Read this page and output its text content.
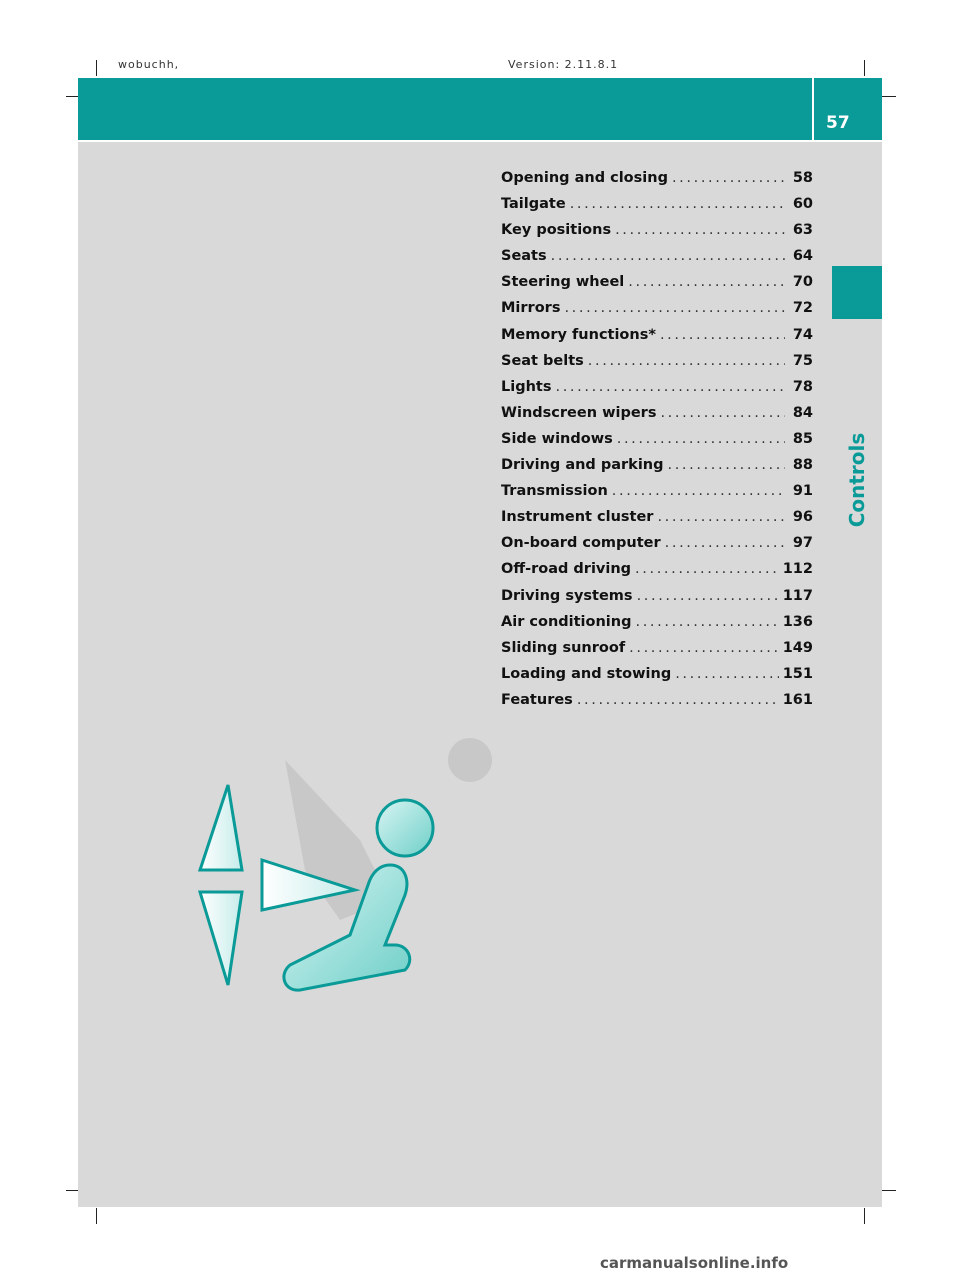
wobuchh,	Version: 2.11.8.1
57
Controls
Opening and closing . . .	58
Tailgate . . .	60
Key positions . . .	63
Seats . . .	64
Steering wheel . . .	70
Mirrors . . .	72
Memory functions* . . .	74
Seat belts . . .	75
Lights . . .	78
Windscreen wipers . . .	84
Side windows . . .	85
Driving and parking . . .	88
Transmission . . .	91
Instrument cluster . . .	96
On-board computer . . .	97
Off-road driving . . .	112
Driving systems . . .	117
Air conditioning . . .	136
Sliding sunroof . . .	149
Loading and stowing . . .	151
Features . . .	161
carmanualsonline.info
